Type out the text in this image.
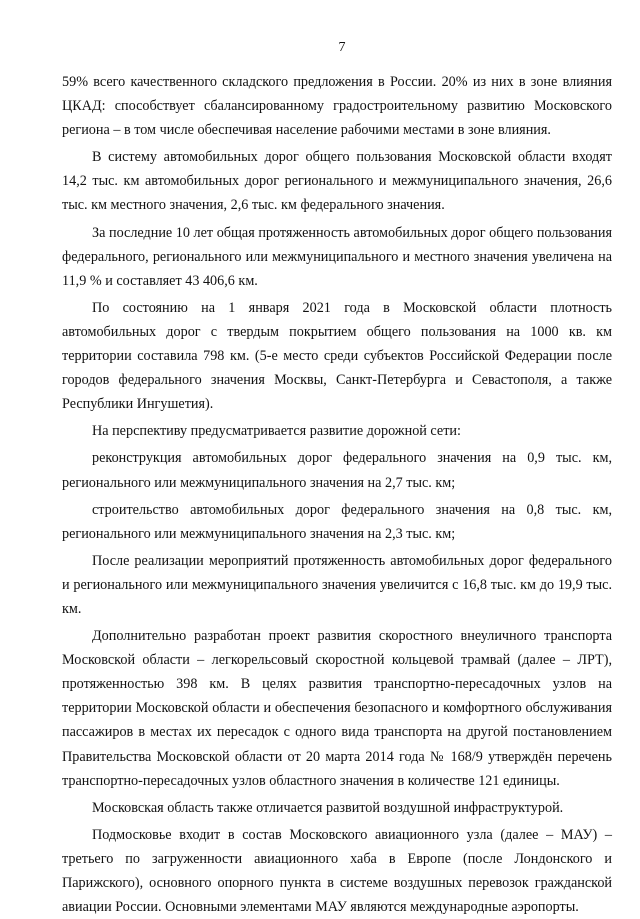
7

59% всего качественного складского предложения в России. 20% из них в зоне влияния ЦКАД: способствует сбалансированному градостроительному развитию Московского региона – в том числе обеспечивая население рабочими местами в зоне влияния.

В систему автомобильных дорог общего пользования Московской области входят 14,2 тыс. км автомобильных дорог регионального и межмуниципального значения, 26,6 тыс. км местного значения, 2,6 тыс. км федерального значения.

За последние 10 лет общая протяженность автомобильных дорог общего пользования федерального, регионального или межмуниципального и местного значения увеличена на 11,9 % и составляет 43 406,6 км.

По состоянию на 1 января 2021 года в Московской области плотность автомобильных дорог с твердым покрытием общего пользования на 1000 кв. км территории составила 798 км. (5-е место среди субъектов Российской Федерации после городов федерального значения Москвы, Санкт-Петербурга и Севастополя, а также Республики Ингушетия).

На перспективу предусматривается развитие дорожной сети:

реконструкция автомобильных дорог федерального значения на 0,9 тыс. км, регионального или межмуниципального значения на 2,7 тыс. км;

строительство автомобильных дорог федерального значения на 0,8 тыс. км, регионального или межмуниципального значения на 2,3 тыс. км;

После реализации мероприятий протяженность автомобильных дорог федерального и регионального или межмуниципального значения увеличится с 16,8 тыс. км до 19,9 тыс. км.

Дополнительно разработан проект развития скоростного внеуличного транспорта Московской области – легкорельсовый скоростной кольцевой трамвай (далее – ЛРТ), протяженностью 398 км. В целях развития транспортно-пересадочных узлов на территории Московской области и обеспечения безопасного и комфортного обслуживания пассажиров в местах их пересадок с одного вида транспорта на другой постановлением Правительства Московской области от 20 марта 2014 года № 168/9 утверждён перечень транспортно-пересадочных узлов областного значения в количестве 121 единицы.

Московская область также отличается развитой воздушной инфраструктурой.

Подмосковье входит в состав Московского авиационного узла (далее – МАУ) – третьего по загруженности авиационного хаба в Европе (после Лондонского и Парижского), основного опорного пункта в системе воздушных перевозок гражданской авиации России. Основными элементами МАУ являются международные аэропорты.
